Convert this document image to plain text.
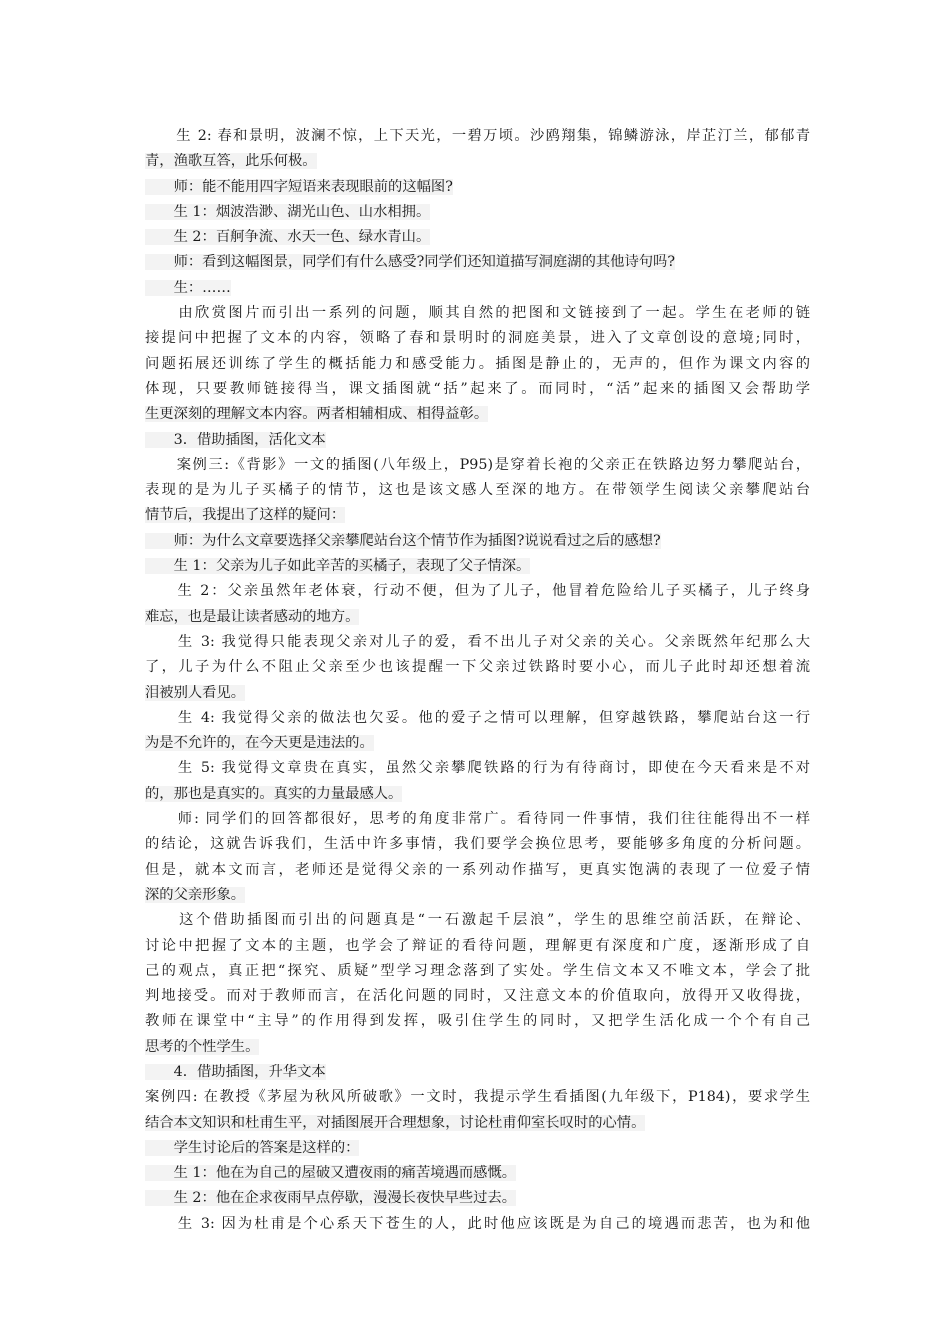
　　生 2: 春和景明，波澜不惊，上下天光，一碧万顷。沙鸥翔集，锦鳞游泳，岸芷汀兰，郁郁青
青，渔歌互答，此乐何极。
　　师：能不能用四字短语来表现眼前的这幅图?
　　生 1：烟波浩渺、湖光山色、山水相拥。
　　生 2：百舸争流、水天一色、绿水青山。
　　师：看到这幅图景，同学们有什么感受?同学们还知道描写洞庭湖的其他诗句吗?
　　生：……
　　由欣赏图片而引出一系列的问题，顺其自然的把图和文链接到了一起。学生在老师的链
接提问中把握了文本的内容，领略了春和景明时的洞庭美景，进入了文章创设的意境;同时，
问题拓展还训练了学生的概括能力和感受能力。插图是静止的，无声的，但作为课文内容的
体现，只要教师链接得当，课文插图就“括”起来了。而同时，“活”起来的插图又会帮助学
生更深刻的理解文本内容。两者相辅相成、相得益彰。
　　3．借助插图，活化文本
　　案例三:《背影》一文的插图(八年级上，P95)是穿着长袍的父亲正在铁路边努力攀爬站台，
表现的是为儿子买橘子的情节，这也是该文感人至深的地方。在带领学生阅读父亲攀爬站台
情节后，我提出了这样的疑问：
　　师：为什么文章要选择父亲攀爬站台这个情节作为插图?说说看过之后的感想?
　　生 1：父亲为儿子如此辛苦的买橘子，表现了父子情深。
　　生 2：父亲虽然年老体衰，行动不便，但为了儿子，他冒着危险给儿子买橘子，儿子终身
难忘，也是最让读者感动的地方。
　　生 3: 我觉得只能表现父亲对儿子的爱，看不出儿子对父亲的关心。父亲既然年纪那么大
了，儿子为什么不阻止父亲至少也该提醒一下父亲过铁路时要小心，而儿子此时却还想着流
泪被别人看见。
　　生 4: 我觉得父亲的做法也欠妥。他的爱子之情可以理解，但穿越铁路，攀爬站台这一行
为是不允许的，在今天更是违法的。
　　生 5: 我觉得文章贵在真实，虽然父亲攀爬铁路的行为有待商讨，即使在今天看来是不对
的，那也是真实的。真实的力量最感人。
　　师: 同学们的回答都很好，思考的角度非常广。看待同一件事情，我们往往能得出不一样
的结论，这就告诉我们，生活中许多事情，我们要学会换位思考，要能够多角度的分析问题。
但是，就本文而言，老师还是觉得父亲的一系列动作描写，更真实饱满的表现了一位爱子情
深的父亲形象。
　　这个借助插图而引出的问题真是“一石激起千层浪”，学生的思维空前活跃，在辩论、
讨论中把握了文本的主题，也学会了辩证的看待问题，理解更有深度和广度，逐渐形成了自
己的观点，真正把“探究、质疑”型学习理念落到了实处。学生信文本又不唯文本，学会了批
判地接受。而对于教师而言，在活化问题的同时，又注意文本的价值取向，放得开又收得拢，
教师在课堂中“主导”的作用得到发挥，吸引住学生的同时，又把学生活化成一个个有自己
思考的个性学生。
　　4．借助插图，升华文本
案例四: 在教授《茅屋为秋风所破歌》一文时，我提示学生看插图(九年级下，P184)，要求学生
结合本文知识和杜甫生平，对插图展开合理想象，讨论杜甫仰室长叹时的心情。
　　学生讨论后的答案是这样的：
　　生 1：他在为自己的屋破又遭夜雨的痛苦境遇而感慨。
　　生 2：他在企求夜雨早点停歇，漫漫长夜快早些过去。
　　生 3: 因为杜甫是个心系天下苍生的人，此时他应该既是为自己的境遇而悲苦，也为和他
